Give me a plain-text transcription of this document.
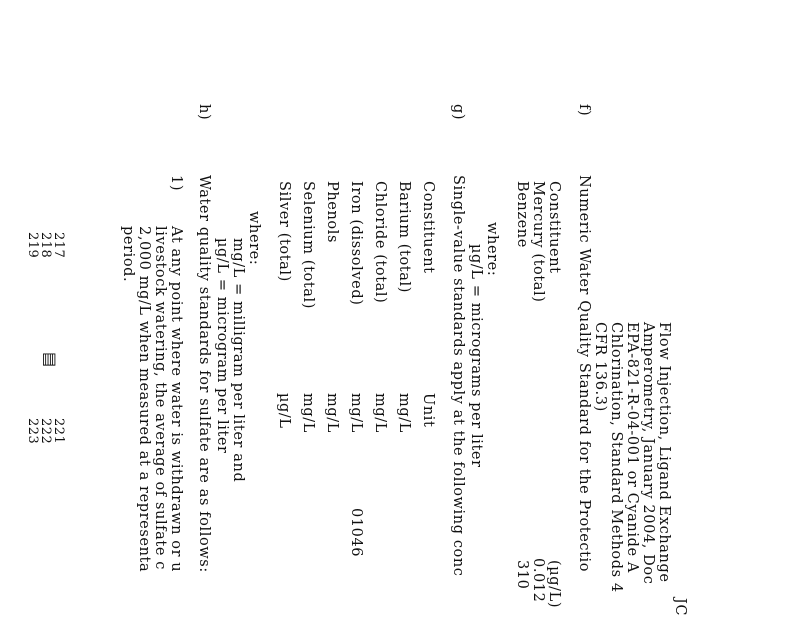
JC
f)
Numeric Water Quality Standard for the Protectio	Flow Injection, Ligand Exchange
Amperometry, January 2004, Doc
EPA-821-R-04-001 or Cyanide A
Chlorination, Standard Methods 4
CFR 136.3)
Constituent
(µg/L)
Mercury (total)
0.012
Benzene
310
where:
µg/L = micrograms per liter
g)
Single-value standards apply at the following conc
Constituent
Unit
Barium (total)
mg/L
Chloride (total)
mg/L
Iron (dissolved)
mg/L
01046
Phenols
mg/L
Selenium (total)
mg/L
Silver (total)
µg/L
where:
mg/L = milligram per liter and
µg/L = microgram per liter
h)
Water quality standards for sulfate are as follows:
1)
At any point where water is withdrawn or u
livestock watering, the average of sulfate c
2,000 mg/L when measured at a representa
period.
217
218
219
▤
221
222
223
